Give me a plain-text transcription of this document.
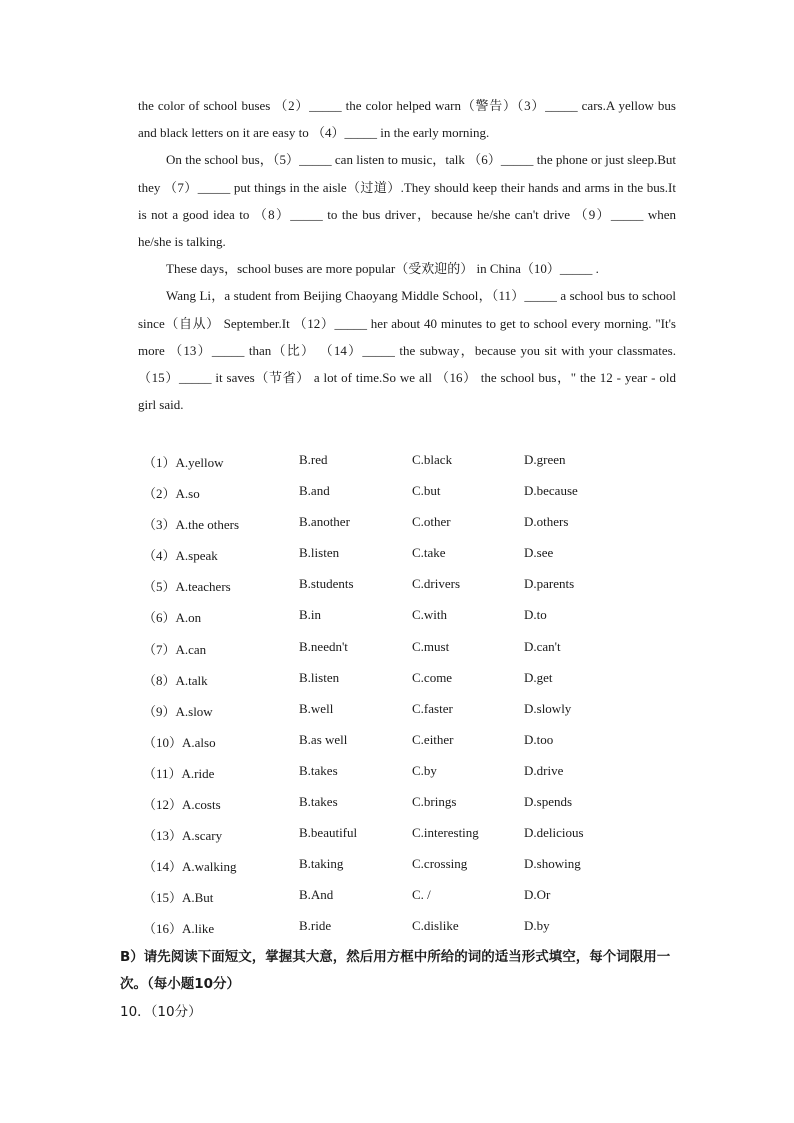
the color of school buses （2）_____ the color helped warn（警告）（3）_____ cars.A yellow bus and black letters on it are easy to （4）_____ in the early morning.

On the school bus，（5）_____ can listen to music，talk （6）_____ the phone or just sleep.But they （7）_____ put things in the aisle（过道）.They should keep their hands and arms in the bus.It is not a good idea to （8）_____ to the bus driver，because he/she can't drive （9）_____ when he/she is talking.

These days，school buses are more popular（受欢迎的） in China（10）_____ .

Wang Li，a student from Beijing Chaoyang Middle School，（11）_____ a school bus to school since（自从） September.It （12）_____ her about 40 minutes to get to school every morning. "It's more （13）_____ than（比） （14）_____ the subway，because you sit with your classmates. （15）_____ it saves（节省） a lot of time.So we all （16） the school bus，" the 12 - year - old girl said.

（1）A.yellow	B.red	C.black	D.green
（2）A.so	B.and	C.but	D.because
（3）A.the others	B.another	C.other	D.others
（4）A.speak	B.listen	C.take	D.see
（5）A.teachers	B.students	C.drivers	D.parents
（6）A.on	B.in	C.with	D.to
（7）A.can	B.needn't	C.must	D.can't
（8）A.talk	B.listen	C.come	D.get
（9）A.slow	B.well	C.faster	D.slowly
（10）A.also	B.as well	C.either	D.too
（11）A.ride	B.takes	C.by	D.drive
（12）A.costs	B.takes	C.brings	D.spends
（13）A.scary	B.beautiful	C.interesting	D.delicious
（14）A.walking	B.taking	C.crossing	D.showing
（15）A.But	B.And	C. /	D.Or
（16）A.like	B.ride	C.dislike	D.by
B）请先阅读下面短文，掌握其大意，然后用方框中所给的词的适当形式填空，每个词限用一次。（每小题10分）
10．（10分）
